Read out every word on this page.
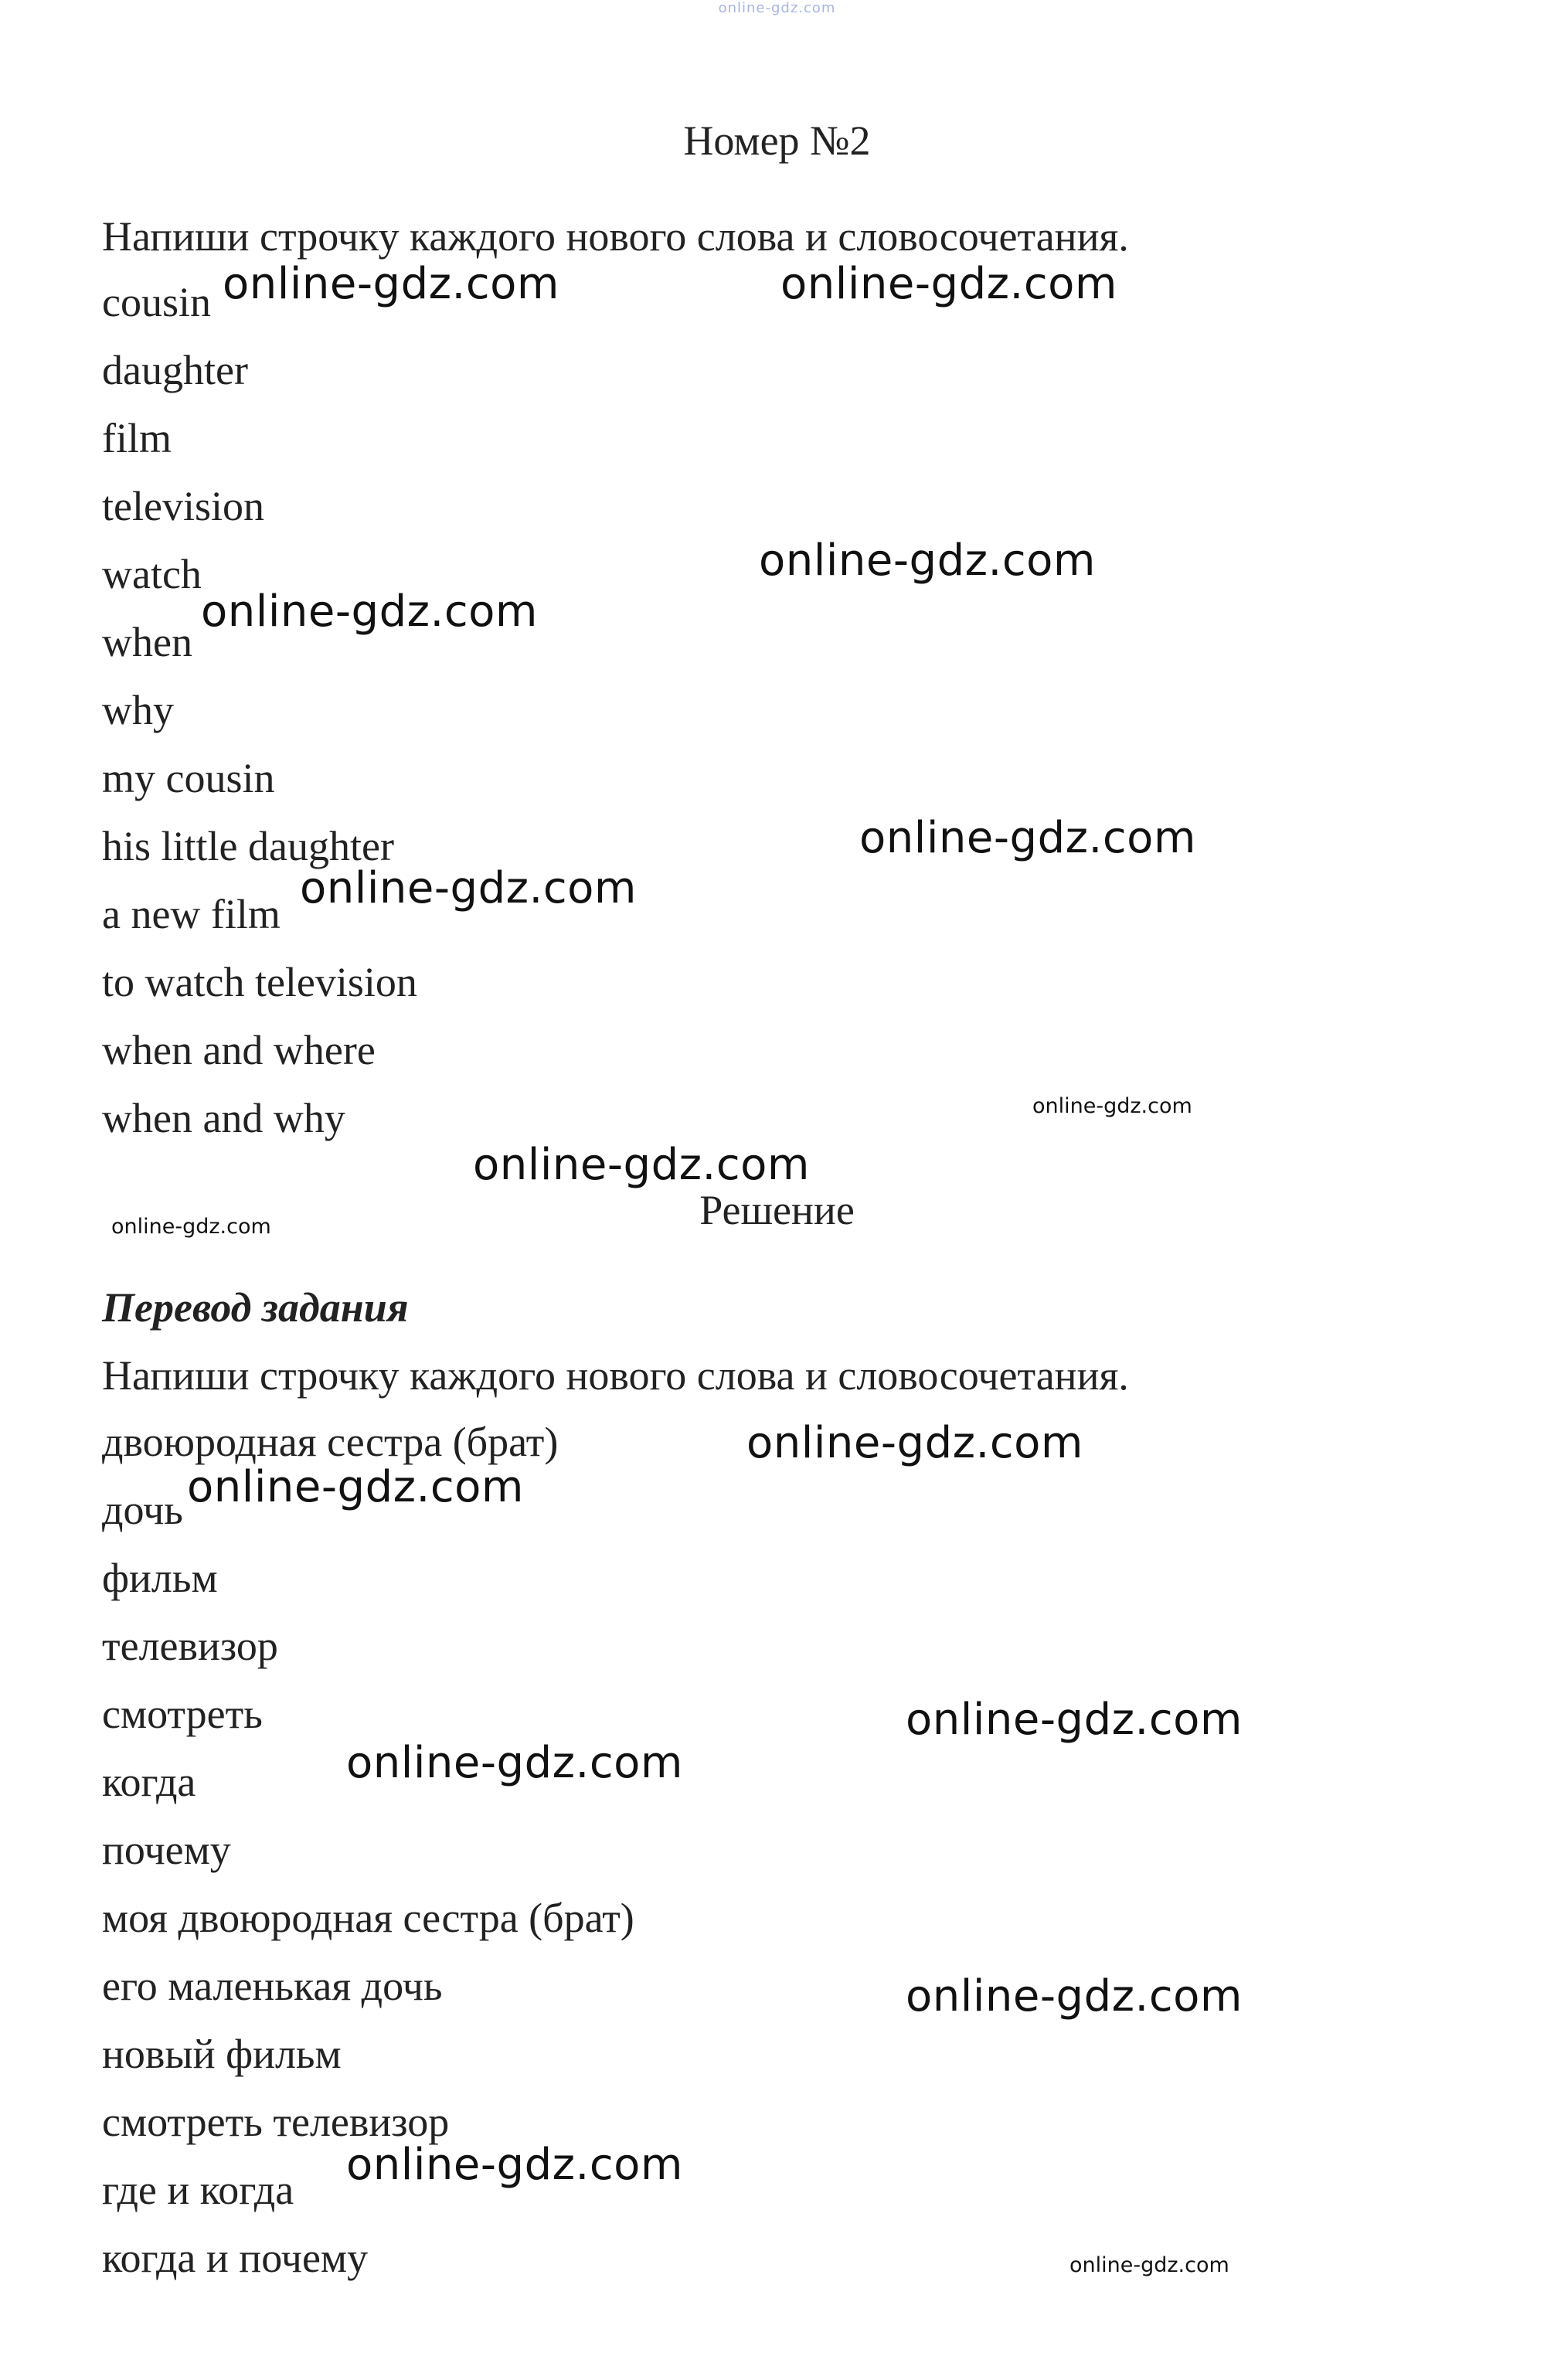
online-gdz.com
Номер №2
Напиши строчку каждого нового слова и словосочетания.
cousin
daughter
film
television
watch
when
why
my cousin
his little daughter
a new film
to watch television
when and where
when and why
Решение
Перевод задания
Напиши строчку каждого нового слова и словосочетания.
двоюродная сестра (брат)
дочь
фильм
телевизор
смотреть
когда
почему
моя двоюродная сестра (брат)
его маленькая дочь
новый фильм
смотреть телевизор
где и когда
когда и почему
online-gdz.com	online-gdz.com
online-gdz.com
online-gdz.com
online-gdz.com
online-gdz.com
online-gdz.com
online-gdz.com
online-gdz.com
online-gdz.com
online-gdz.com
online-gdz.com
online-gdz.com
online-gdz.com
online-gdz.com
online-gdz.com
